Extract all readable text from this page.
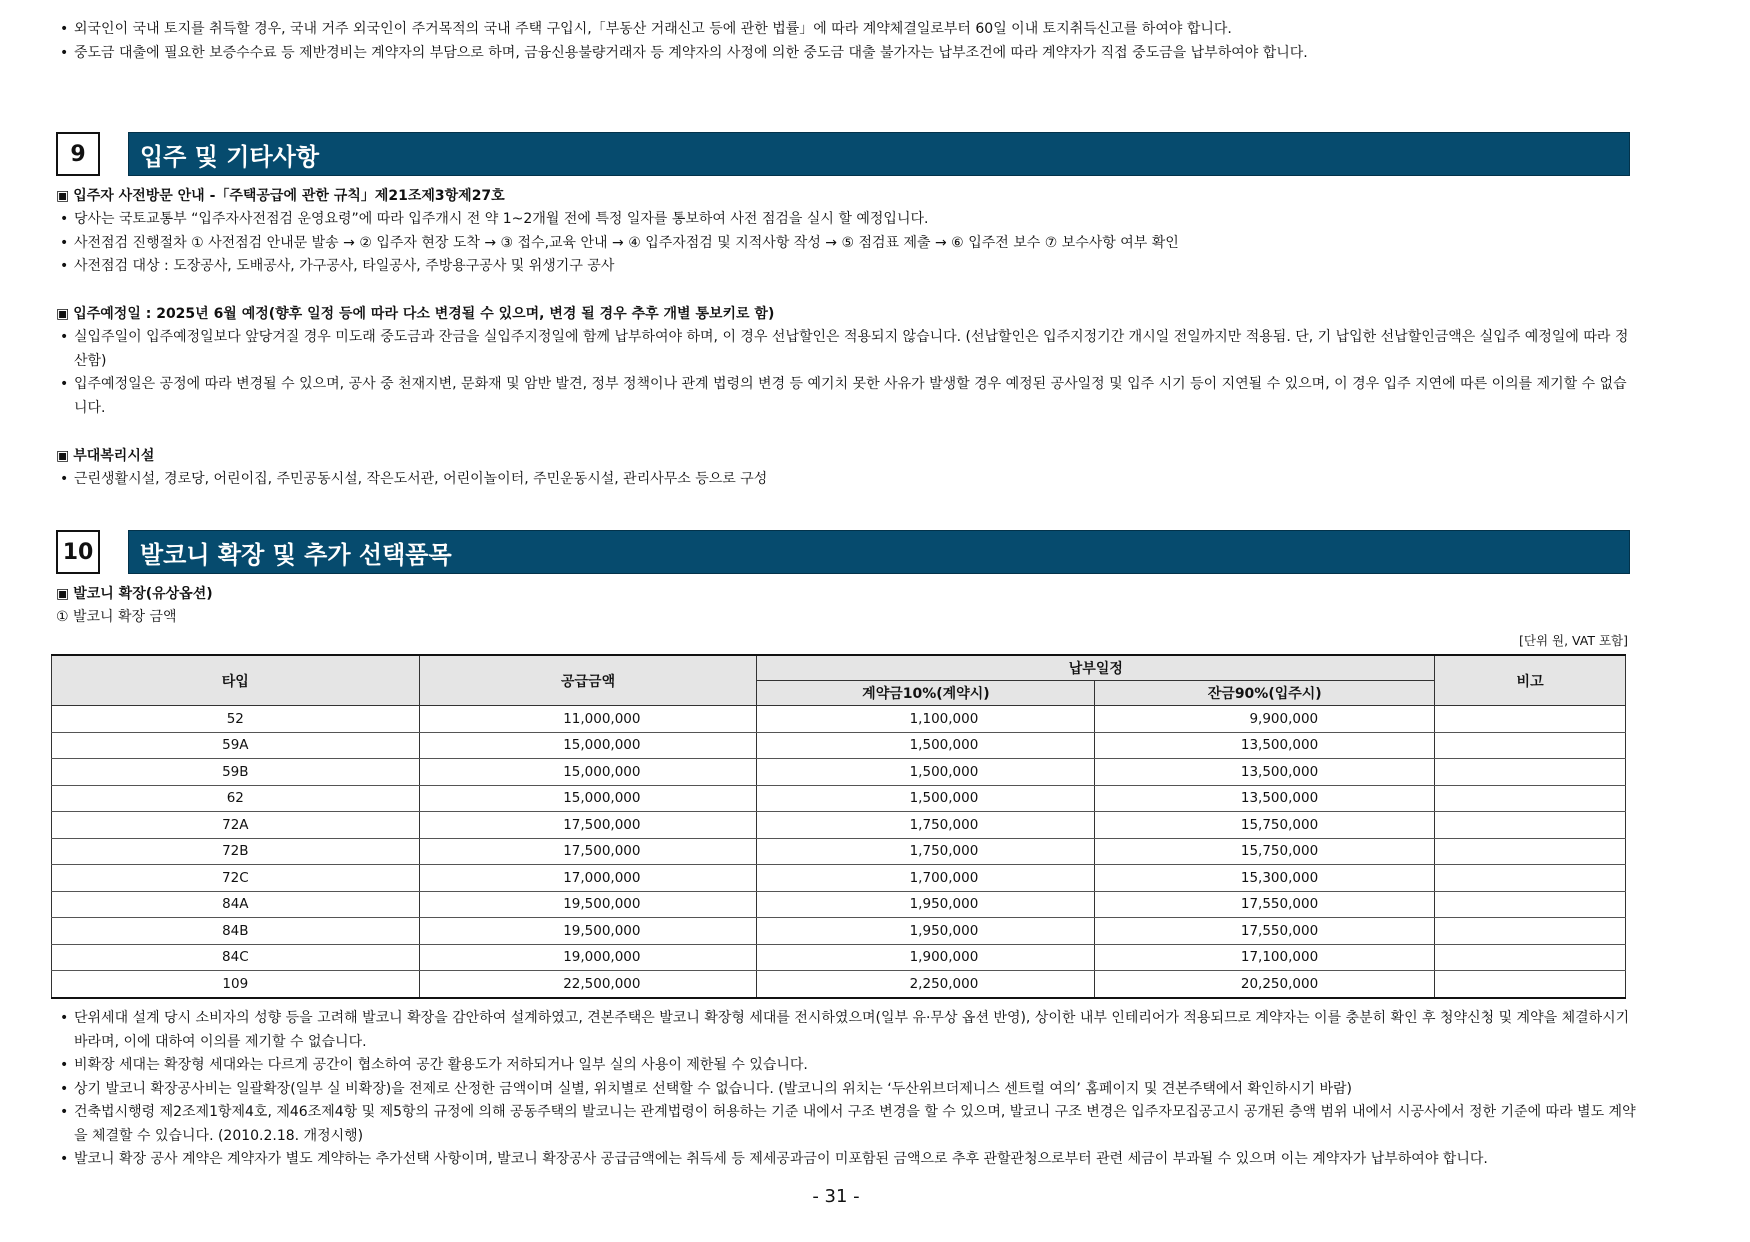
• 외국인이 국내 토지를 취득할 경우, 국내 거주 외국인이 주거목적의 국내 주택 구입시,「부동산 거래신고 등에 관한 법률」에 따라 계약체결일로부터 60일 이내 토지취득신고를 하여야 합니다.
• 중도금 대출에 필요한 보증수수료 등 제반경비는 계약자의 부담으로 하며, 금융신용불량거래자 등 계약자의 사정에 의한 중도금 대출 불가자는 납부조건에 따라 계약자가 직접 중도금을 납부하여야 합니다.
9	입주 및 기타사항
▣ 입주자 사전방문 안내 -「주택공급에 관한 규칙」제21조제3항제27호
• 당사는 국토교통부 “입주자사전점검 운영요령”에 따라 입주개시 전 약 1~2개월 전에 특정 일자를 통보하여 사전 점검을 실시 할 예정입니다.
• 사전점검 진행절차 ① 사전점검 안내문 발송 → ② 입주자 현장 도착 → ③ 접수,교육 안내 → ④ 입주자점검 및 지적사항 작성 → ⑤ 점검표 제출 → ⑥ 입주전 보수 ⑦ 보수사항 여부 확인
• 사전점검 대상 : 도장공사, 도배공사, 가구공사, 타일공사, 주방용구공사 및 위생기구 공사
▣ 입주예정일 : 2025년 6월 예정(향후 일정 등에 따라 다소 변경될 수 있으며, 변경 될 경우 추후 개별 통보키로 함)
• 실입주일이 입주예정일보다 앞당겨질 경우 미도래 중도금과 잔금을 실입주지정일에 함께 납부하여야 하며, 이 경우 선납할인은 적용되지 않습니다. (선납할인은 입주지정기간 개시일 전일까지만 적용됨. 단, 기 납입한 선납할인금액은 실입주 예정일에 따라 정산함)
• 입주예정일은 공정에 따라 변경될 수 있으며, 공사 중 천재지변, 문화재 및 암반 발견, 정부 정책이나 관계 법령의 변경 등 예기치 못한 사유가 발생할 경우 예정된 공사일정 및 입주 시기 등이 지연될 수 있으며, 이 경우 입주 지연에 따른 이의를 제기할 수 없습니다.
▣ 부대복리시설
• 근린생활시설, 경로당, 어린이집, 주민공동시설, 작은도서관, 어린이놀이터, 주민운동시설, 관리사무소 등으로 구성
10	발코니 확장 및 추가 선택품목
▣ 발코니 확장(유상옵션)
① 발코니 확장 금액
[단위 원, VAT 포함]
타입	공급금액	납부일정		비고
		계약금10%(계약시)	잔금90%(입주시)	
52	11,000,000	1,100,000	9,900,000	
59A	15,000,000	1,500,000	13,500,000	
59B	15,000,000	1,500,000	13,500,000	
62	15,000,000	1,500,000	13,500,000	
72A	17,500,000	1,750,000	15,750,000	
72B	17,500,000	1,750,000	15,750,000	
72C	17,000,000	1,700,000	15,300,000	
84A	19,500,000	1,950,000	17,550,000	
84B	19,500,000	1,950,000	17,550,000	
84C	19,000,000	1,900,000	17,100,000	
109	22,500,000	2,250,000	20,250,000	
• 단위세대 설계 당시 소비자의 성향 등을 고려해 발코니 확장을 감안하여 설계하였고, 견본주택은 발코니 확장형 세대를 전시하였으며(일부 유·무상 옵션 반영), 상이한 내부 인테리어가 적용되므로 계약자는 이를 충분히 확인 후 청약신청 및 계약을 체결하시기 바라며, 이에 대하여 이의를 제기할 수 없습니다.
• 비확장 세대는 확장형 세대와는 다르게 공간이 협소하여 공간 활용도가 저하되거나 일부 실의 사용이 제한될 수 있습니다.
• 상기 발코니 확장공사비는 일괄확장(일부 실 비확장)을 전제로 산정한 금액이며 실별, 위치별로 선택할 수 없습니다. (발코니의 위치는 ‘두산위브더제니스 센트럴 여의’ 홈페이지 및 견본주택에서 확인하시기 바람)
• 건축법시행령 제2조제1항제4호, 제46조제4항 및 제5항의 규정에 의해 공동주택의 발코니는 관계법령이 허용하는 기준 내에서 구조 변경을 할 수 있으며, 발코니 구조 변경은 입주자모집공고시 공개된 층액 범위 내에서 시공사에서 정한 기준에 따라 별도 계약을 체결할 수 있습니다. (2010.2.18. 개정시행)
• 발코니 확장 공사 계약은 계약자가 별도 계약하는 추가선택 사항이며, 발코니 확장공사 공급금액에는 취득세 등 제세공과금이 미포함된 금액으로 추후 관할관청으로부터 관련 세금이 부과될 수 있으며 이는 계약자가 납부하여야 합니다.
- 31 -
